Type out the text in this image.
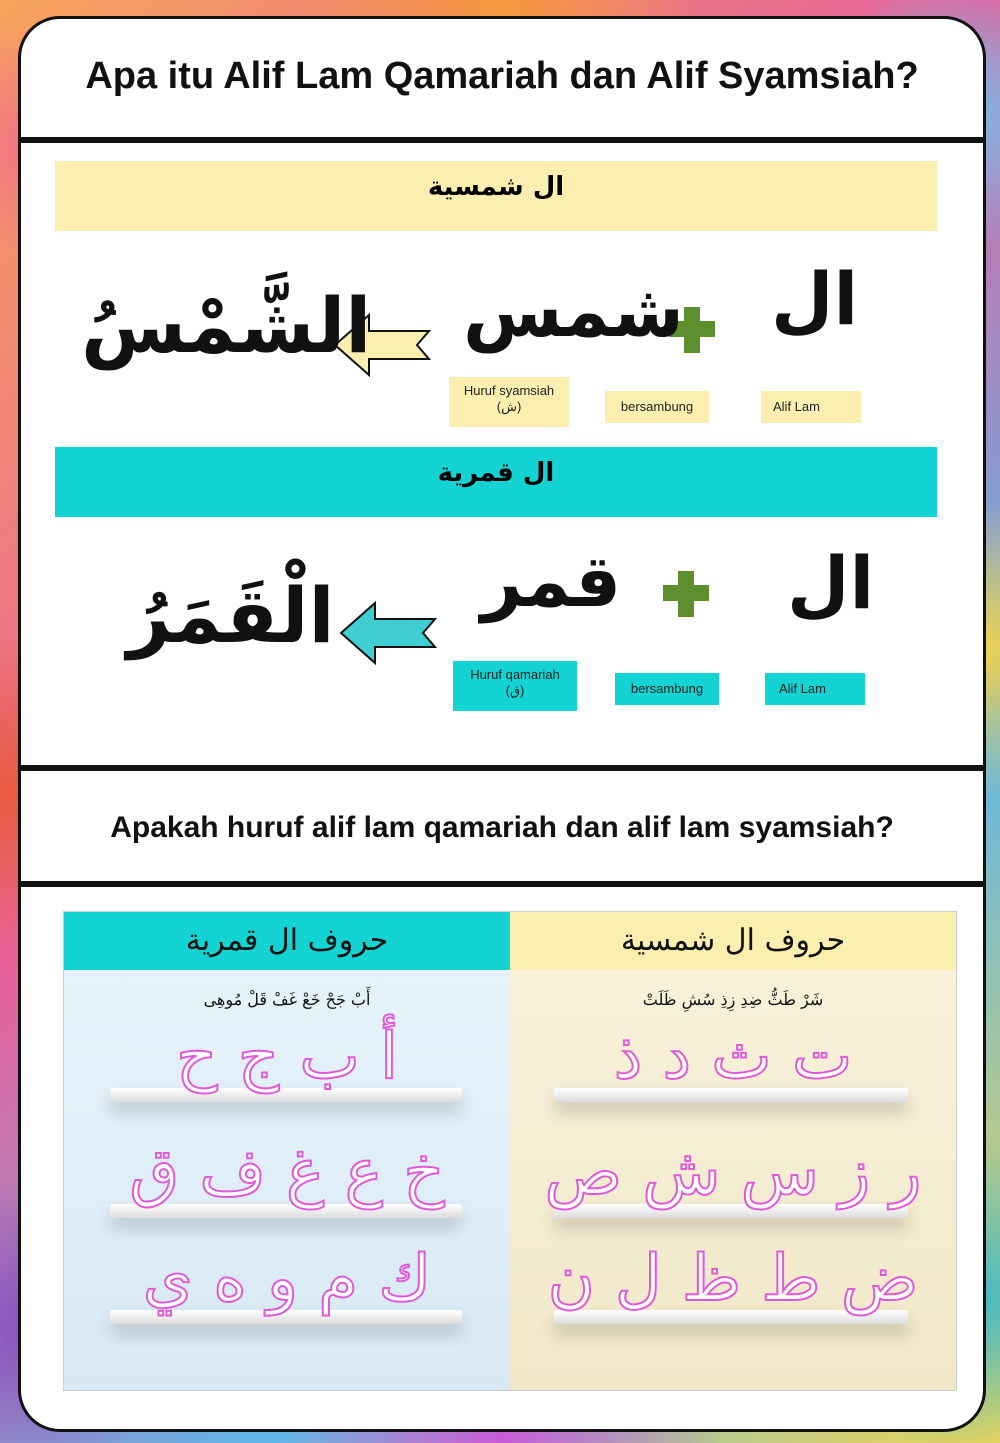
Apa itu Alif Lam Qamariah dan Alif Syamsiah?
ال شمسية
ال
شمس
الشَّمْسُ
Huruf syamsiah
(ش)	bersambung	Alif Lam
ال قمرية
ال
قمر
الْقَمَرُ
Huruf qamariah
(ق)	bersambung	Alif Lam
Apakah huruf alif lam qamariah dan alif lam syamsiah?
حروف ال قمرية
أَبْ جَحْ خَعْ غَفْ قَلْ مُوهِى
أ ب ج ح
خ ع غ ف ق
ك م و ه ي
حروف ال شمسية
شَرْ طَثُّ ضِدِ زِذِ سُشِ ظَلَتْ
ت ث د ذ
ر ز س ش ص
ض ط ظ ل ن
